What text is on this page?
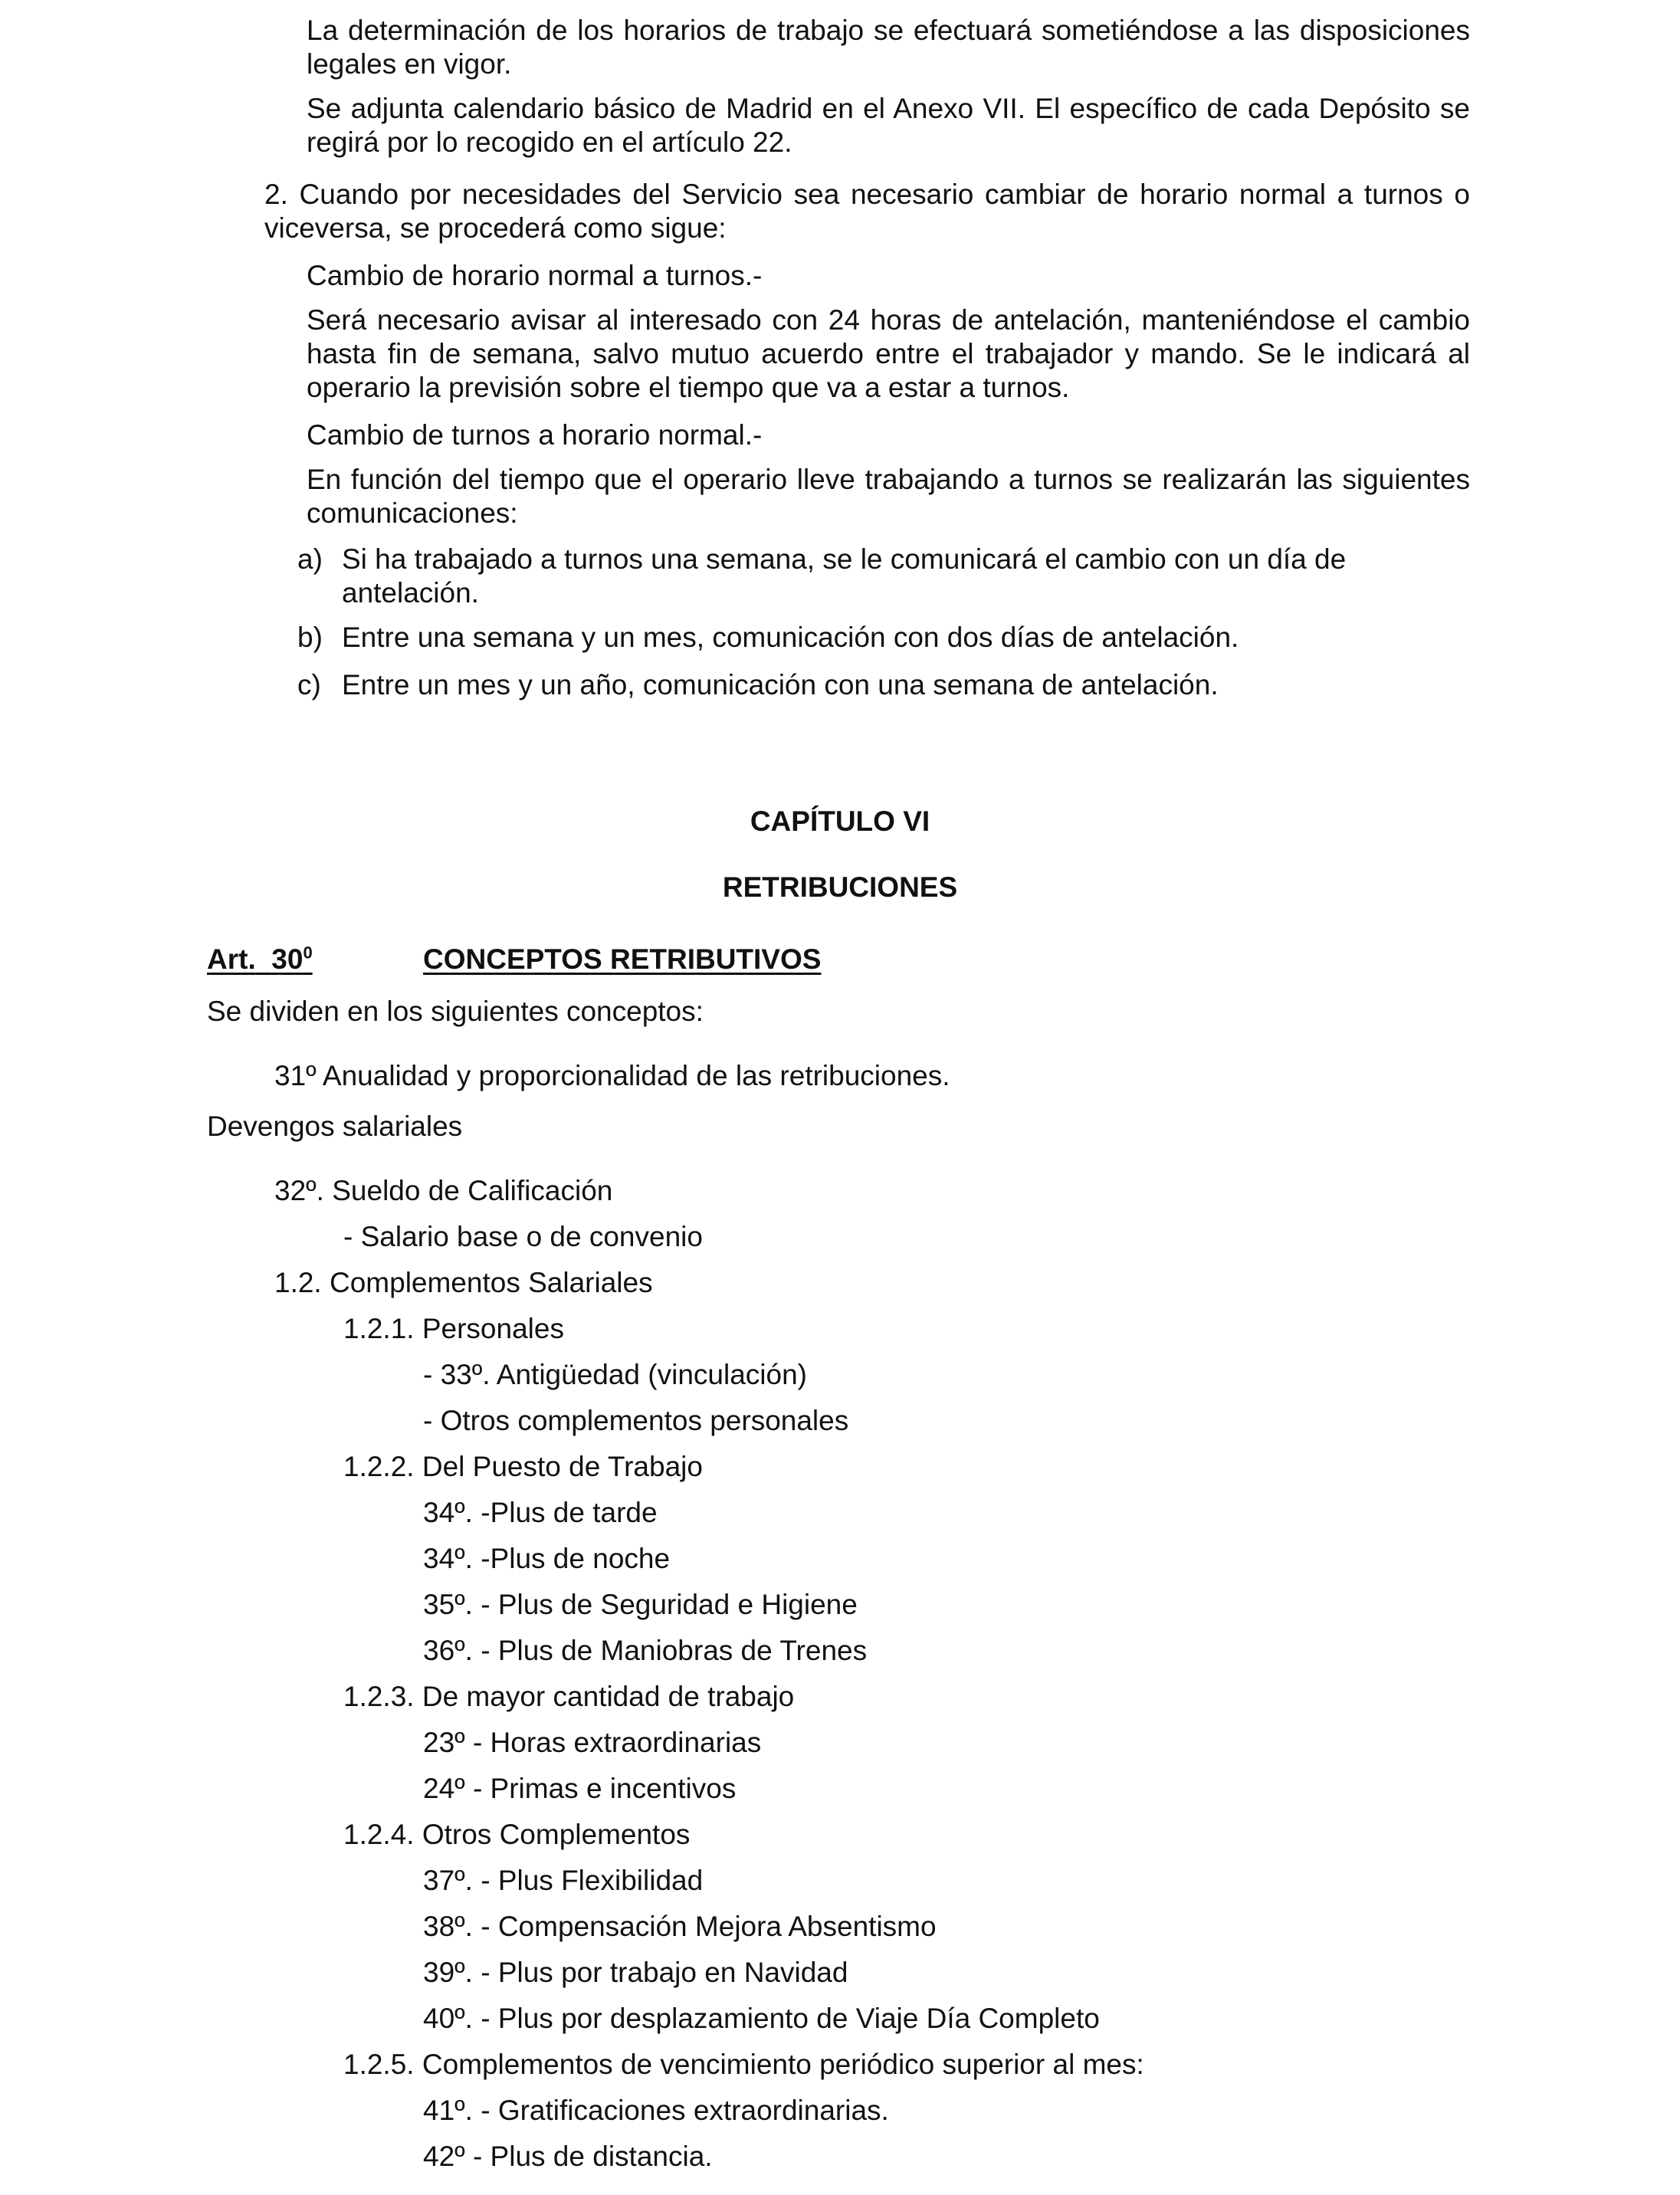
La determinación de los horarios de trabajo se efectuará sometiéndose a las disposiciones
legales en vigor.
Se adjunta calendario básico de Madrid en el Anexo VII. El específico de cada Depósito se
regirá por lo recogido en el artículo 22.
2. Cuando por necesidades del Servicio sea necesario cambiar de horario normal a turnos o
viceversa, se procederá como sigue:
Cambio de horario normal a turnos.-
Será necesario avisar al interesado con 24 horas de antelación, manteniéndose el cambio
hasta fin de semana, salvo mutuo acuerdo entre el trabajador y mando. Se le indicará al
operario la previsión sobre el tiempo que va a estar a turnos.
Cambio de turnos a horario normal.-
En función del tiempo que el operario lleve trabajando a turnos se realizarán las siguientes
comunicaciones:
a) Si ha trabajado a turnos una semana, se le comunicará el cambio con un día de
antelación.
b) Entre una semana y un mes, comunicación con dos días de antelación.
c) Entre un mes y un año, comunicación con una semana de antelación.
CAPÍTULO VI
RETRIBUCIONES
Art. $30^0$	CONCEPTOS RETRIBUTIVOS
Se dividen en los siguientes conceptos:
31º Anualidad y proporcionalidad de las retribuciones.
Devengos salariales
32º. Sueldo de Calificación
- Salario base o de convenio
1.2. Complementos Salariales
1.2.1. Personales
- 33º. Antigüedad (vinculación)
- Otros complementos personales
1.2.2. Del Puesto de Trabajo
34º. -Plus de tarde
34º. -Plus de noche
35º. - Plus de Seguridad e Higiene
36º. - Plus de Maniobras de Trenes
1.2.3. De mayor cantidad de trabajo
23º - Horas extraordinarias
24º - Primas e incentivos
1.2.4. Otros Complementos
37º. - Plus Flexibilidad
38º. - Compensación Mejora Absentismo
39º. - Plus por trabajo en Navidad
40º. - Plus por desplazamiento de Viaje Día Completo
1.2.5. Complementos de vencimiento periódico superior al mes:
41º. - Gratificaciones extraordinarias.
42º - Plus de distancia.
